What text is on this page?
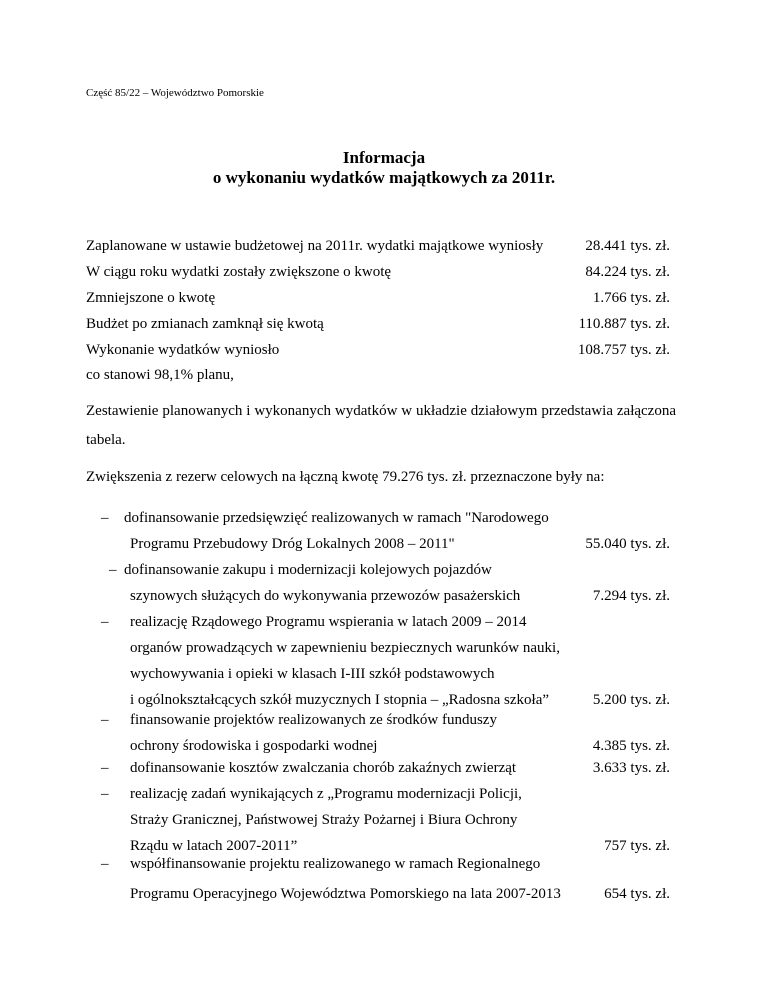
Część 85/22 – Województwo Pomorskie
Informacja
o wykonaniu wydatków majątkowych za 2011r.
Zaplanowane w ustawie budżetowej na 2011r. wydatki majątkowe wyniosły	28.441 tys. zł.
W ciągu roku wydatki zostały zwiększone o kwotę	84.224 tys. zł.
Zmniejszone o kwotę	1.766 tys. zł.
Budżet po zmianach zamknął się kwotą	110.887 tys. zł.
Wykonanie wydatków wyniosło	108.757 tys. zł.
co stanowi 98,1% planu,
Zestawienie planowanych i wykonanych wydatków w układzie działowym przedstawia załączona tabela.
Zwiększenia z rezerw celowych na łączną kwotę 79.276 tys. zł. przeznaczone były na:
– dofinansowanie przedsięwzięć realizowanych w ramach "Narodowego
Programu Przebudowy Dróg Lokalnych 2008 – 2011"	55.040 tys. zł.
– dofinansowanie zakupu i modernizacji kolejowych pojazdów
szynowych służących do wykonywania przewozów pasażerskich	7.294 tys. zł.
– realizację Rządowego Programu wspierania w latach 2009 – 2014
organów prowadzących w zapewnieniu bezpiecznych warunków nauki,
wychowywania i opieki w klasach I-III szkół podstawowych
i ogólnokształcących szkół muzycznych I stopnia – „Radosna szkoła”	5.200 tys. zł.
– finansowanie projektów realizowanych ze środków funduszy
ochrony środowiska i gospodarki wodnej	4.385 tys. zł.
– dofinansowanie kosztów zwalczania chorób zakaźnych zwierząt	3.633 tys. zł.
– realizację zadań wynikających z „Programu modernizacji Policji,
Straży Granicznej, Państwowej Straży Pożarnej i Biura Ochrony
Rządu w latach 2007-2011”	757 tys. zł.
– współfinansowanie projektu realizowanego w ramach Regionalnego
Programu Operacyjnego Województwa Pomorskiego na lata 2007-2013	654 tys. zł.
